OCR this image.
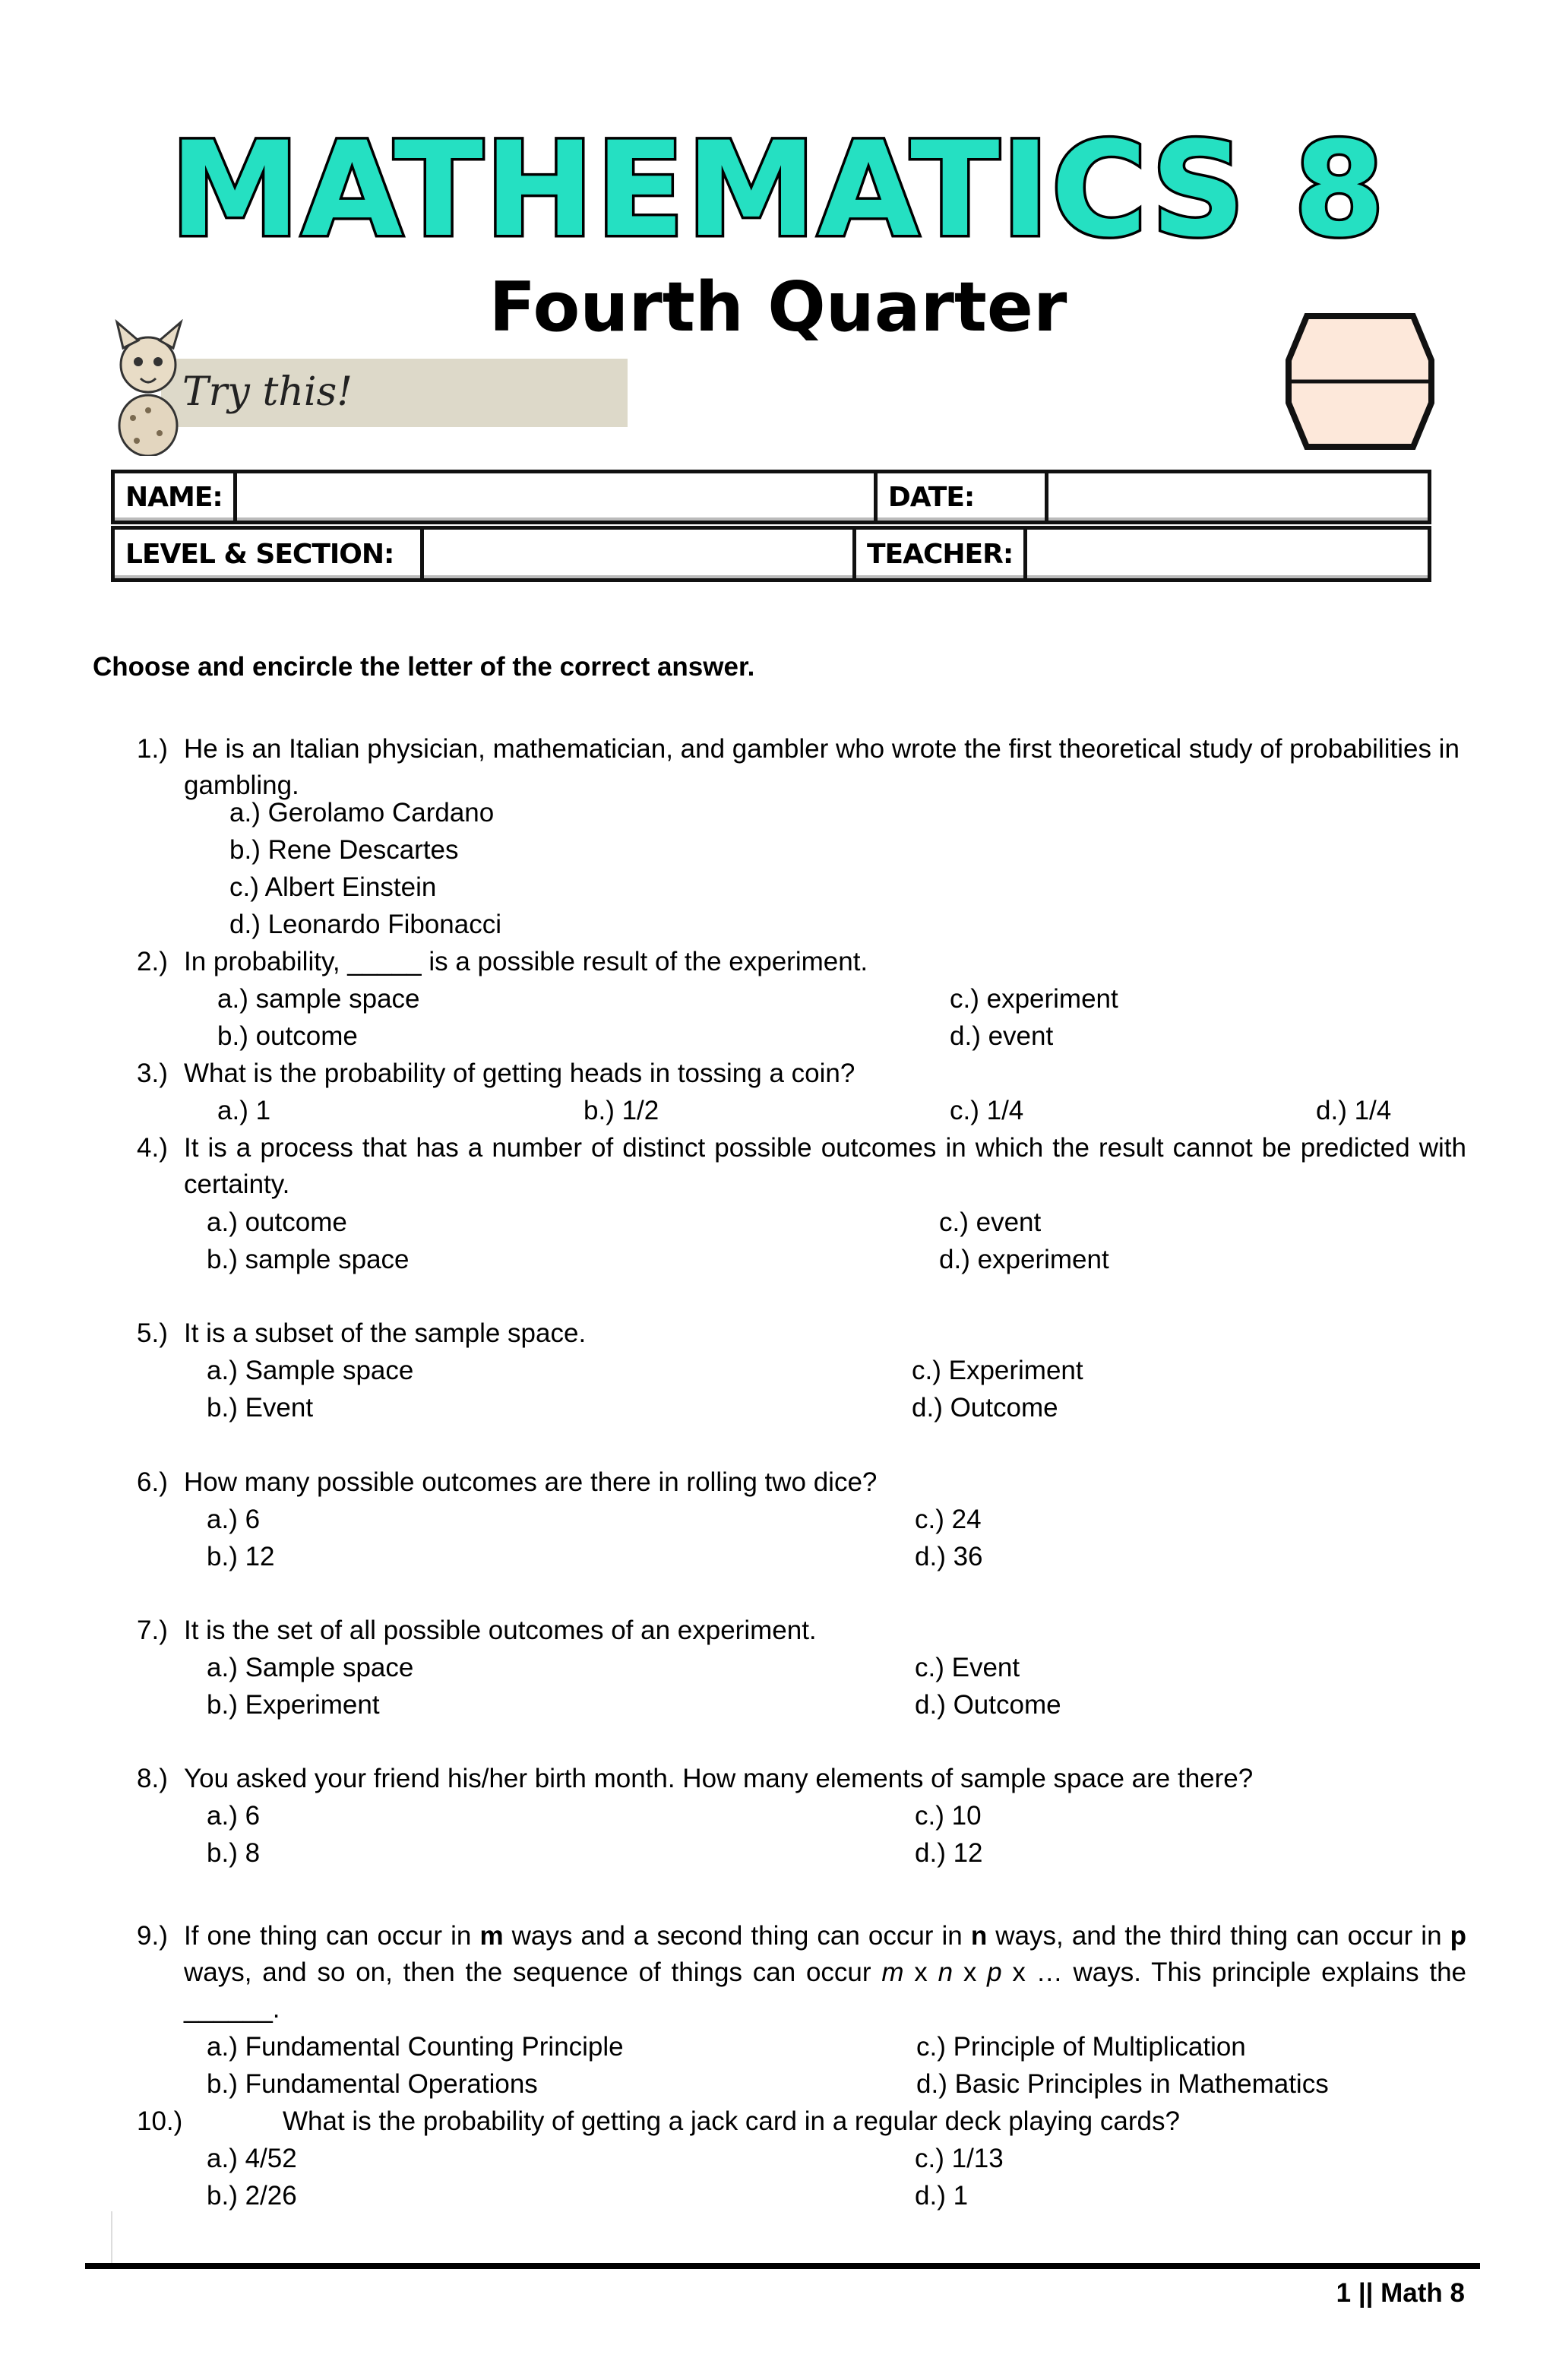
MATHEMATICS 8
Fourth Quarter
Try this!
NAME:		DATE:	
LEVEL & SECTION:		TEACHER:	
Choose and encircle the letter of the correct answer.
1.) He is an Italian physician, mathematician, and gambler who wrote the first theoretical study of probabilities in gambling.
a.) Gerolamo Cardano
b.) Rene Descartes
c.) Albert Einstein
d.) Leonardo Fibonacci
2.) In probability, _____ is a possible result of the experiment.
a.) sample space
b.) outcome
c.) experiment
d.) event
3.) What is the probability of getting heads in tossing a coin?
a.) 1	b.) 1/2	c.) 1/4	d.) 1/4
4.) It is a process that has a number of distinct possible outcomes in which the result cannot be predicted with certainty.
a.) outcome
b.) sample space
c.) event
d.) experiment
5.) It is a subset of the sample space.
a.) Sample space
b.) Event
c.) Experiment
d.) Outcome
6.) How many possible outcomes are there in rolling two dice?
a.) 6
b.) 12
c.) 24
d.) 36
7.) It is the set of all possible outcomes of an experiment.
a.) Sample space
b.) Experiment
c.) Event
d.) Outcome
8.) You asked your friend his/her birth month. How many elements of sample space are there?
a.) 6
b.) 8
c.) 10
d.) 12
9.) If one thing can occur in m ways and a second thing can occur in n ways, and the third thing can occur in p ways, and so on, then the sequence of things can occur m x n x p x … ways. This principle explains the ______.
a.) Fundamental Counting Principle
b.) Fundamental Operations
c.) Principle of Multiplication
d.) Basic Principles in Mathematics
10.)	What is the probability of getting a jack card in a regular deck playing cards?
a.) 4/52
b.) 2/26
c.) 1/13
d.) 1
1 || Math 8
